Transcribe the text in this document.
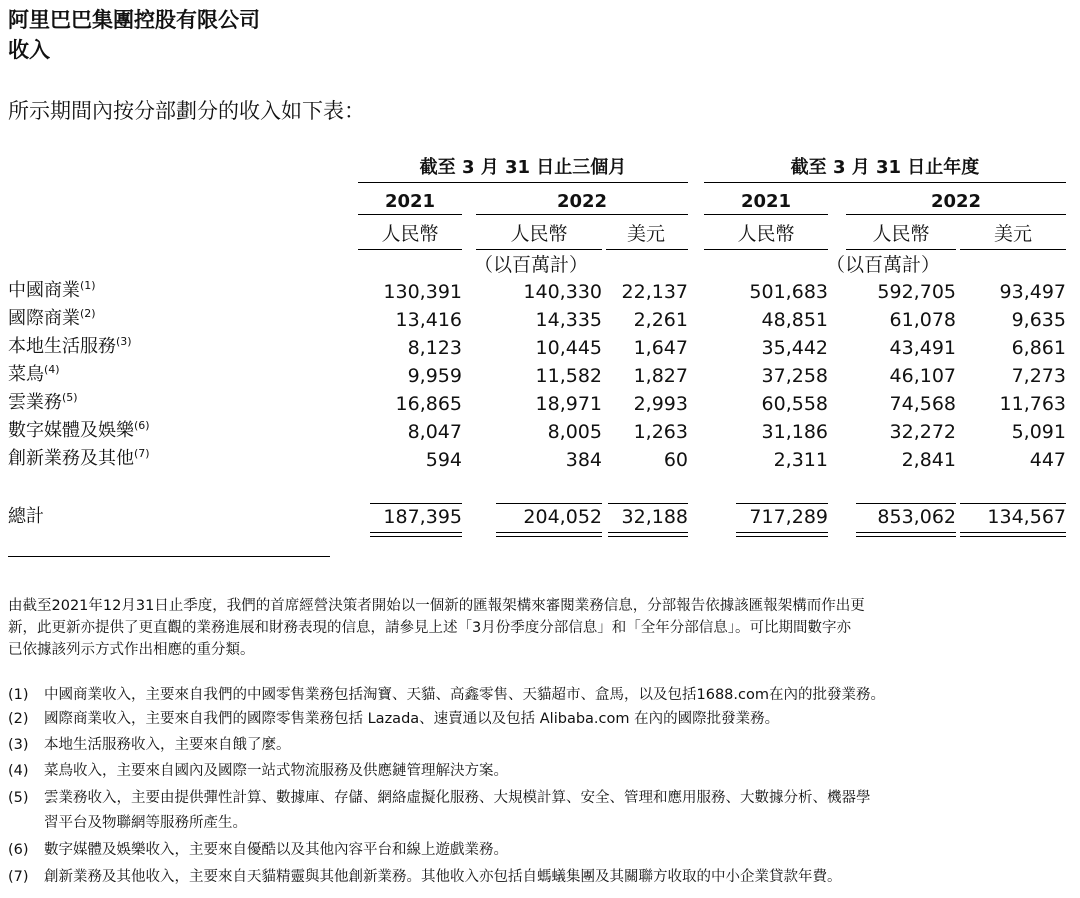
阿里巴巴集團控股有限公司
收入
所示期間內按分部劃分的收入如下表：
截至 3 月 31 日止三個月	截至 3 月 31 日止年度
2021	2022	2021	2022
人民幣	人民幣	美元	人民幣	人民幣	美元
（以百萬計）	（以百萬計）
中國商業$^{(1)}$	130,391	140,330 22,137	501,683	592,705 93,497
國際商業$^{(2)}$	13,416	14,335 2,261	48,851	61,078	9,635
本地生活服務$^{(3)}$	8,123	10,445 1,647	35,442	43,491	6,861
菜鳥$^{(4)}$	9,959	11,582 1,827	37,258	46,107	7,273
雲業務$^{(5)}$	16,865	18,971 2,993	60,558	74,568 11,763
數字媒體及娛樂$^{(6)}$	8,047	8,005 1,263	31,186	32,272	5,091
創新業務及其他$^{(7)}$	594	384	60	2,311	2,841	447
總計	187,395	204,052 32,188	717,289	853,062 134,567
由截至2021年12月31日止季度，我們的首席經營決策者開始以一個新的匯報架構來審閱業務信息，分部報告依據該匯報架構而作出更
新，此更新亦提供了更直觀的業務進展和財務表現的信息，請參見上述「3月份季度分部信息」和「全年分部信息」。可比期間數字亦
已依據該列示方式作出相應的重分類。
(1) 中國商業收入，主要來自我們的中國零售業務包括淘寶、天貓、高鑫零售、天貓超市、盒馬，以及包括1688.com在內的批發業務。
(2) 國際商業收入，主要來自我們的國際零售業務包括 Lazada、速賣通以及包括 Alibaba.com 在內的國際批發業務。
(3) 本地生活服務收入，主要來自餓了麼。
(4) 菜鳥收入，主要來自國內及國際一站式物流服務及供應鏈管理解決方案。
(5) 雲業務收入，主要由提供彈性計算、數據庫、存儲、網絡虛擬化服務、大規模計算、安全、管理和應用服務、大數據分析、機器學
習平台及物聯網等服務所產生。
(6) 數字媒體及娛樂收入，主要來自優酷以及其他內容平台和線上遊戲業務。
(7) 創新業務及其他收入，主要來自天貓精靈與其他創新業務。其他收入亦包括自螞蟻集團及其關聯方收取的中小企業貸款年費。
